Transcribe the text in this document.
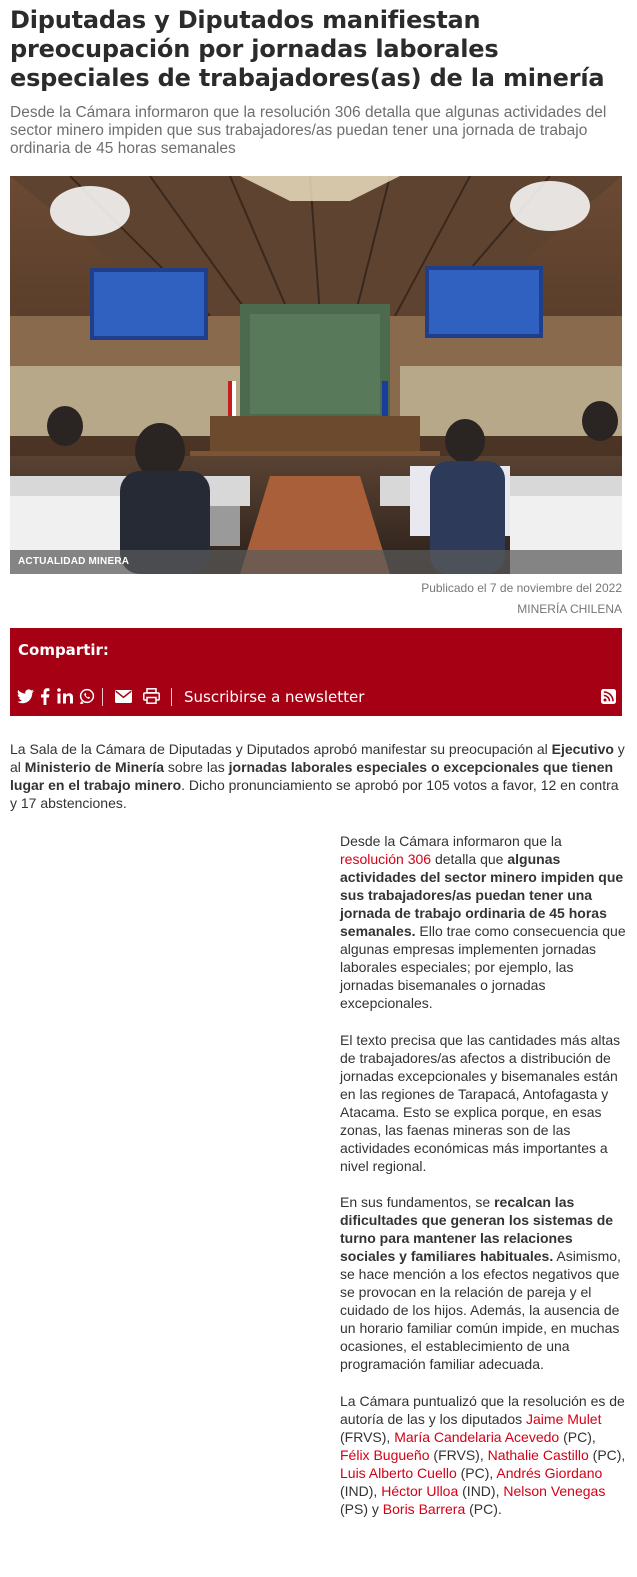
Diputadas y Diputados manifiestan preocupación por jornadas laborales especiales de trabajadores(as) de la minería

Desde la Cámara informaron que la resolución 306 detalla que algunas actividades del sector minero impiden que sus trabajadores/as puedan tener una jornada de trabajo ordinaria de 45 horas semanales

ACTUALIDAD MINERA
Publicado el 7 de noviembre del 2022
MINERÍA CHILENA
Compartir:
Suscribirse a newsletter

La Sala de la Cámara de Diputadas y Diputados aprobó manifestar su preocupación al Ejecutivo y al Ministerio de Minería sobre las jornadas laborales especiales o excepcionales que tienen lugar en el trabajo minero. Dicho pronunciamiento se aprobó por 105 votos a favor, 12 en contra y 17 abstenciones.

Desde la Cámara informaron que la resolución 306 detalla que algunas actividades del sector minero impiden que sus trabajadores/as puedan tener una jornada de trabajo ordinaria de 45 horas semanales. Ello trae como consecuencia que algunas empresas implementen jornadas laborales especiales; por ejemplo, las jornadas bisemanales o jornadas excepcionales.

El texto precisa que las cantidades más altas de trabajadores/as afectos a distribución de jornadas excepcionales y bisemanales están en las regiones de Tarapacá, Antofagasta y Atacama. Esto se explica porque, en esas zonas, las faenas mineras son de las actividades económicas más importantes a nivel regional.

En sus fundamentos, se recalcan las dificultades que generan los sistemas de turno para mantener las relaciones sociales y familiares habituales. Asimismo, se hace mención a los efectos negativos que se provocan en la relación de pareja y el cuidado de los hijos. Además, la ausencia de un horario familiar común impide, en muchas ocasiones, el establecimiento de una programación familiar adecuada.

La Cámara puntualizó que la resolución es de autoría de las y los diputados Jaime Mulet (FRVS), María Candelaria Acevedo (PC), Félix Bugueño (FRVS), Nathalie Castillo (PC), Luis Alberto Cuello (PC), Andrés Giordano (IND), Héctor Ulloa (IND), Nelson Venegas (PS) y Boris Barrera (PC).
